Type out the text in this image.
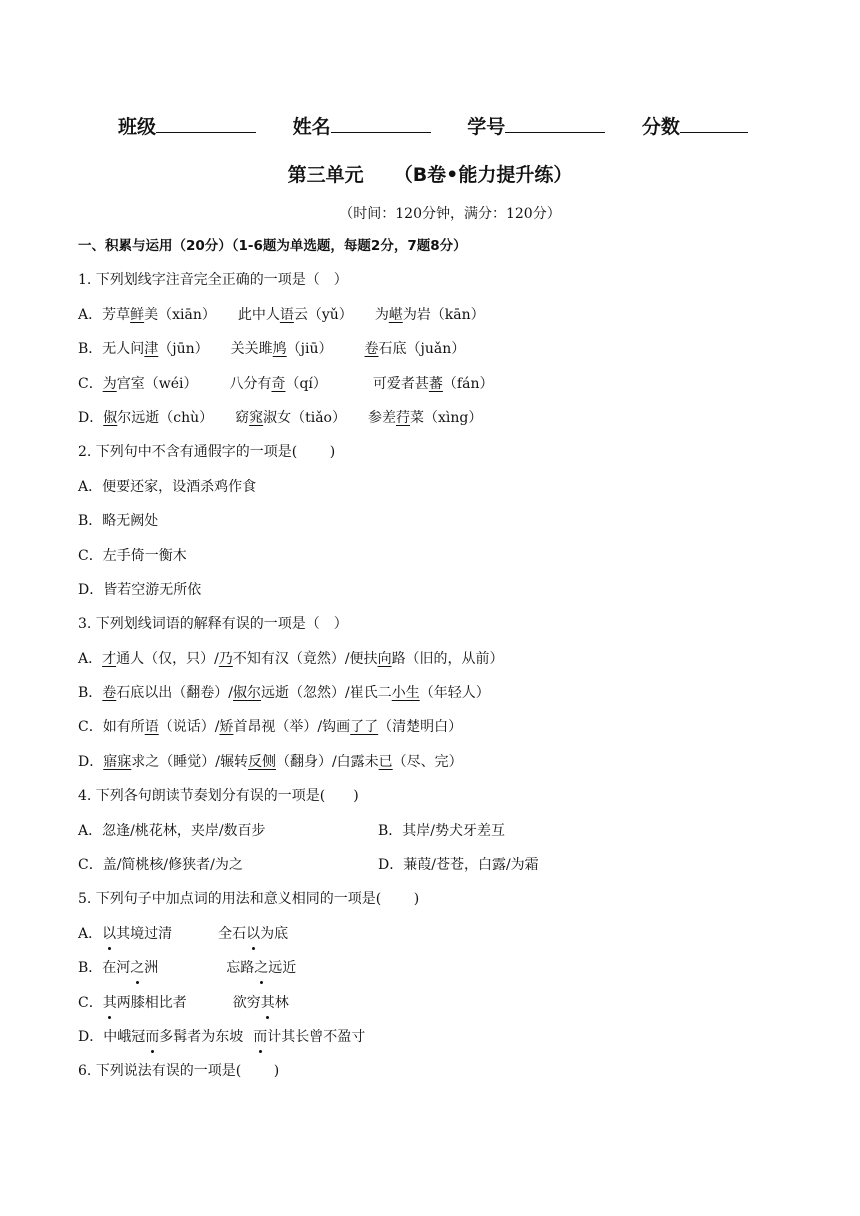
班级	姓名	学号	分数
第三单元 （B卷•能力提升练）
（时间：120分钟，满分：120分）
一、积累与运用（20分）（1-6题为单选题，每题2分，7题8分）
1. 下列划线字注音完全正确的一项是（　）
A．芳草鲜美（xiān） 此中人语云（yǔ） 为嵁为岩（kān）
B．无人问津（jūn） 关关雎鸠（jiū） 卷石底（juǎn）
C．为宫室（wéi） 八分有奇（qí）	可爱者甚蕃（fán）
D．俶尔远逝（chù） 窈窕淑女（tiǎo） 参差荇菜（xìng）
2. 下列句中不含有通假字的一项是(　　 )
A．便要还家，设酒杀鸡作食
B．略无阙处
C．左手倚一衡木
D．皆若空游无所依
3. 下列划线词语的解释有误的一项是（　）
A．才通人（仅，只）/乃不知有汉（竟然）/便扶向路（旧的，从前）
B．卷石底以出（翻卷）/俶尔远逝（忽然）/崔氏二小生（年轻人）
C．如有所语（说话）/矫首昂视（举）/钩画了了（清楚明白）
D．寤寐求之（睡觉）/辗转反侧（翻身）/白露未已（尽、完）
4. 下列各句朗读节奏划分有误的一项是(　　)
A．忽逢/桃花林，夹岸/数百步	B．其岸/势犬牙差互
C．盖/简桃核/修狭者/为之	D．蒹葭/苍苍，白露/为霜
5. 下列句子中加点词的用法和意义相同的一项是(　　 )
A．以其境过清	全石以为底
B．在河之洲	忘路之远近
C．其两膝相比者	欲穷其林
D．中峨冠而多髯者为东坡 而计其长曾不盈寸
6. 下列说法有误的一项是(　　 )
